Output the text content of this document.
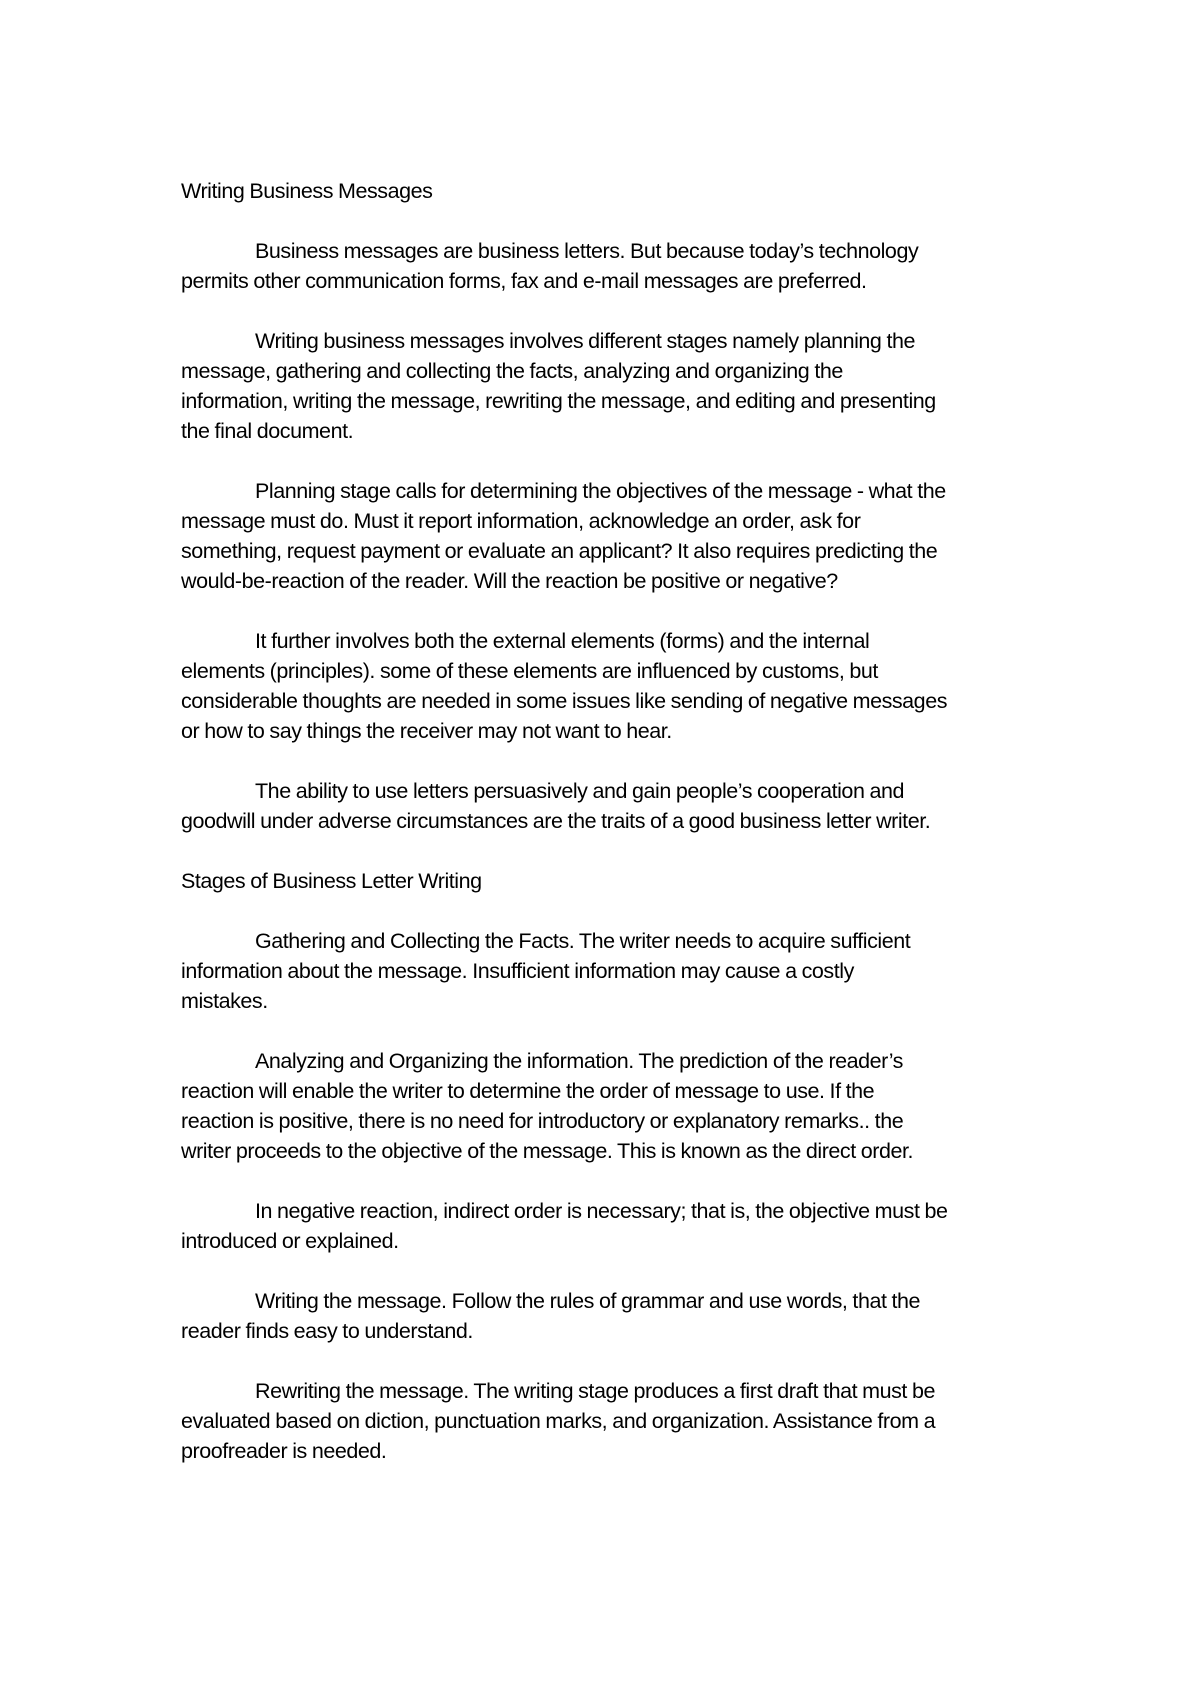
Writing Business Messages

Business messages are business letters. But because today’s technology
permits other communication forms, fax and e-mail messages are preferred.

Writing business messages involves different stages namely planning the
message, gathering and collecting the facts, analyzing and organizing the
information, writing the message, rewriting the message, and editing and presenting
the final document.

Planning stage calls for determining the objectives of the message - what the
message must do. Must it report information, acknowledge an order, ask for
something, request payment or evaluate an applicant? It also requires predicting the
would-be-reaction of the reader. Will the reaction be positive or negative?

It further involves both the external elements (forms) and the internal
elements (principles). some of these elements are influenced by customs, but
considerable thoughts are needed in some issues like sending of negative messages
or how to say things the receiver may not want to hear.

The ability to use letters persuasively and gain people’s cooperation and
goodwill under adverse circumstances are the traits of a good business letter writer.

Stages of Business Letter Writing

Gathering and Collecting the Facts. The writer needs to acquire sufficient
information about the message. Insufficient information may cause a costly
mistakes.

Analyzing and Organizing the information. The prediction of the reader’s
reaction will enable the writer to determine the order of message to use. If the
reaction is positive, there is no need for introductory or explanatory remarks.. the
writer proceeds to the objective of the message. This is known as the direct order.

In negative reaction, indirect order is necessary; that is, the objective must be
introduced or explained.

Writing the message. Follow the rules of grammar and use words, that the
reader finds easy to understand.

Rewriting the message. The writing stage produces a first draft that must be
evaluated based on diction, punctuation marks, and organization. Assistance from a
proofreader is needed.
